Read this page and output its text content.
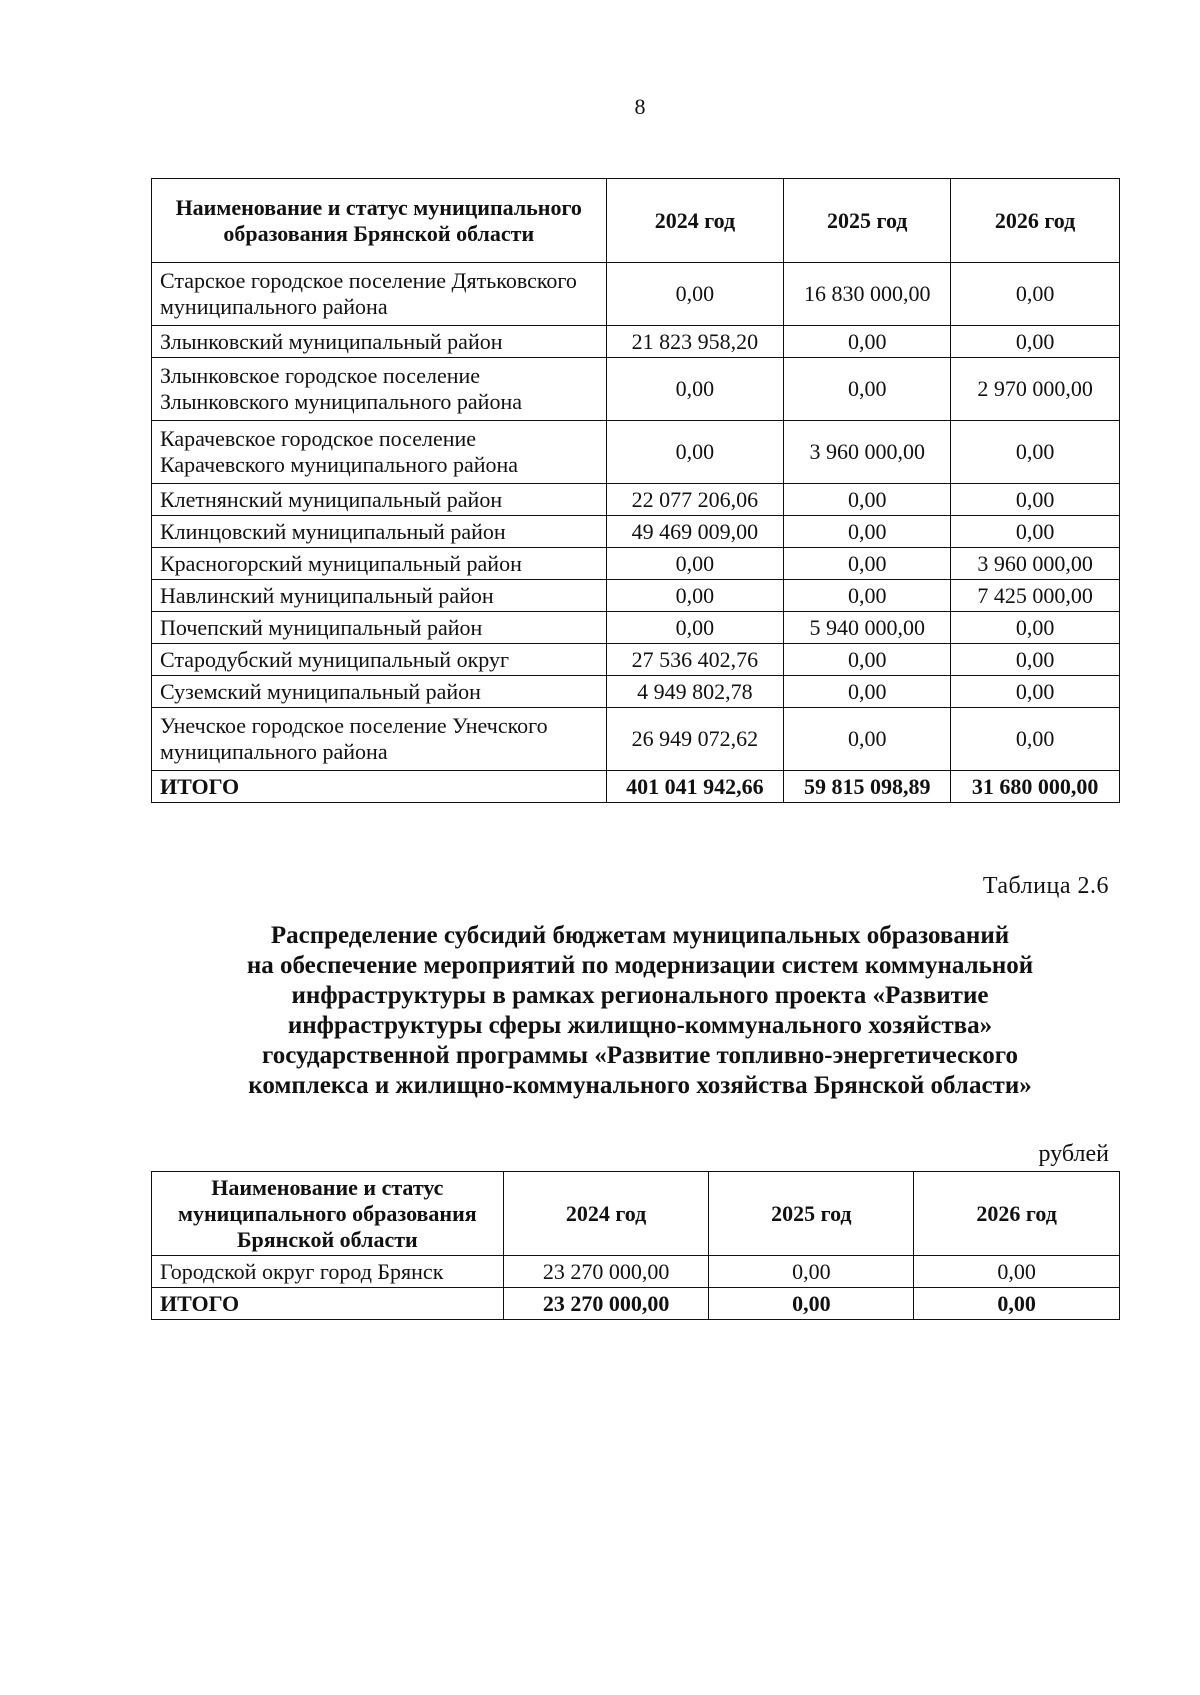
8
Наименование и статус муниципального образования Брянской области	2024 год	2025 год	2026 год
Старское городское поселение Дятьковского муниципального района	0,00	16 830 000,00	0,00
Злынковский муниципальный район	21 823 958,20	0,00	0,00
Злынковское городское поселение Злынковского муниципального района	0,00	0,00	2 970 000,00
Карачевское городское поселение Карачевского муниципального района	0,00	3 960 000,00	0,00
Клетнянский муниципальный район	22 077 206,06	0,00	0,00
Клинцовский муниципальный район	49 469 009,00	0,00	0,00
Красногорский муниципальный район	0,00	0,00	3 960 000,00
Навлинский муниципальный район	0,00	0,00	7 425 000,00
Почепский муниципальный район	0,00	5 940 000,00	0,00
Стародубский муниципальный округ	27 536 402,76	0,00	0,00
Суземский муниципальный район	4 949 802,78	0,00	0,00
Унечское городское поселение Унечского муниципального района	26 949 072,62	0,00	0,00
ИТОГО	401 041 942,66	59 815 098,89	31 680 000,00
Таблица 2.6
Распределение субсидий бюджетам муниципальных образований
на обеспечение мероприятий по модернизации систем коммунальной
инфраструктуры в рамках регионального проекта «Развитие
инфраструктуры сферы жилищно-коммунального хозяйства»
государственной программы «Развитие топливно-энергетического
комплекса и жилищно-коммунального хозяйства Брянской области»
рублей
Наименование и статус муниципального образования Брянской области	2024 год	2025 год	2026 год
Городской округ город Брянск	23 270 000,00	0,00	0,00
ИТОГО	23 270 000,00	0,00	0,00
